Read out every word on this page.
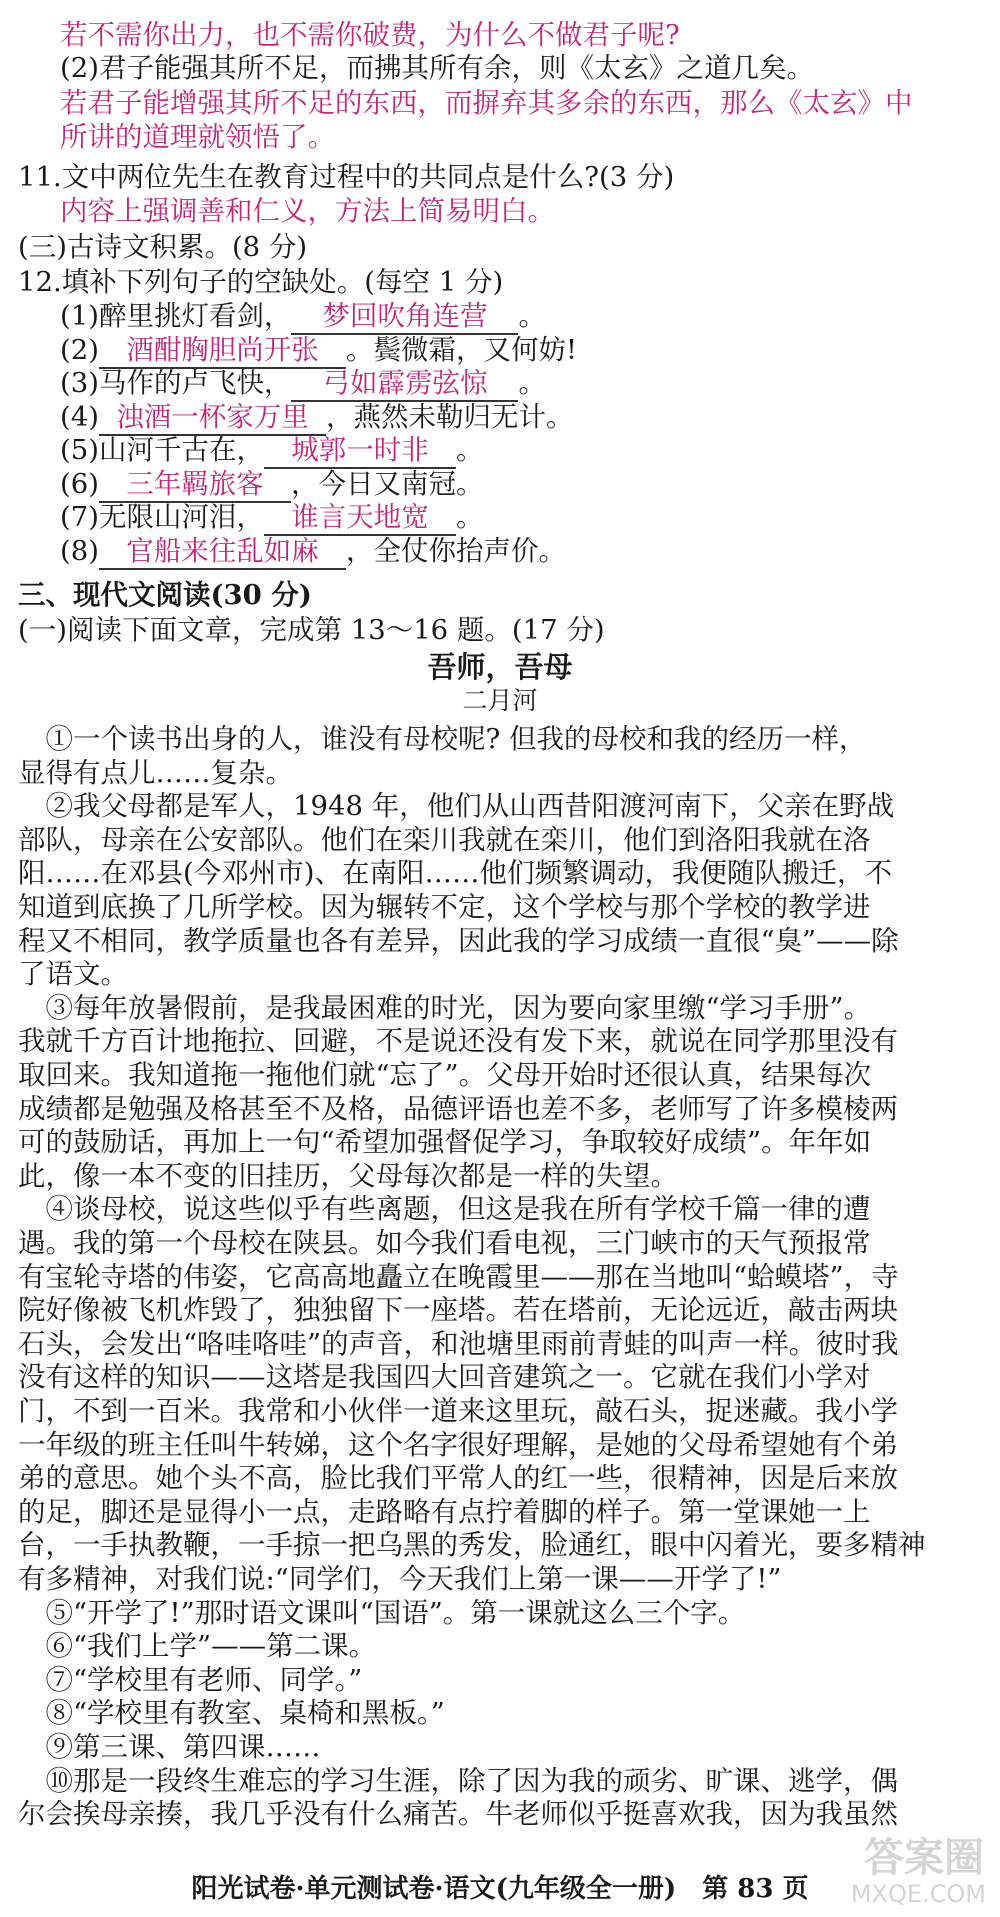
若不需你出力，也不需你破费，为什么不做君子呢?
(2)君子能强其所不足，而拂其所有余，则《太玄》之道几矣。
若君子能增强其所不足的东西，而摒弃其多余的东西，那么《太玄》中
所讲的道理就领悟了。
11.文中两位先生在教育过程中的共同点是什么?(3 分)
内容上强调善和仁义，方法上简易明白。
(三)古诗文积累。(8 分)
12.填补下列句子的空缺处。(每空 1 分)
(1)醉里挑灯看剑， 梦回吹角连营 。
(2) 酒酣胸胆尚开张 。鬓微霜，又何妨!
(3)马作的卢飞快， 弓如霹雳弦惊 。
(4) 浊酒一杯家万里 ，燕然未勒归无计。
(5)山河千古在， 城郭一时非 。
(6) 三年羁旅客 ，今日又南冠。
(7)无限山河泪， 谁言天地宽 。
(8) 官船来往乱如麻 ，全仗你抬声价。
三、现代文阅读(30 分)
(一)阅读下面文章，完成第 13～16 题。(17 分)
吾师，吾母
二月河
　①一个读书出身的人，谁没有母校呢? 但我的母校和我的经历一样，
显得有点儿……复杂。
　②我父母都是军人，1948 年，他们从山西昔阳渡河南下，父亲在野战
部队，母亲在公安部队。他们在栾川我就在栾川，他们到洛阳我就在洛
阳……在邓县(今邓州市)、在南阳……他们频繁调动，我便随队搬迁，不
知道到底换了几所学校。因为辗转不定，这个学校与那个学校的教学进
程又不相同，教学质量也各有差异，因此我的学习成绩一直很“臭”——除
了语文。
　③每年放暑假前，是我最困难的时光，因为要向家里缴“学习手册”。
我就千方百计地拖拉、回避，不是说还没有发下来，就说在同学那里没有
取回来。我知道拖一拖他们就“忘了”。父母开始时还很认真，结果每次
成绩都是勉强及格甚至不及格，品德评语也差不多，老师写了许多模棱两
可的鼓励话，再加上一句“希望加强督促学习，争取较好成绩”。年年如
此，像一本不变的旧挂历，父母每次都是一样的失望。
　④谈母校，说这些似乎有些离题，但这是我在所有学校千篇一律的遭
遇。我的第一个母校在陕县。如今我们看电视，三门峡市的天气预报常
有宝轮寺塔的伟姿，它高高地矗立在晚霞里——那在当地叫“蛤蟆塔”，寺
院好像被飞机炸毁了，独独留下一座塔。若在塔前，无论远近，敲击两块
石头，会发出“咯哇咯哇”的声音，和池塘里雨前青蛙的叫声一样。彼时我
没有这样的知识——这塔是我国四大回音建筑之一。它就在我们小学对
门，不到一百米。我常和小伙伴一道来这里玩，敲石头，捉迷藏。我小学
一年级的班主任叫牛转娣，这个名字很好理解，是她的父母希望她有个弟
弟的意思。她个头不高，脸比我们平常人的红一些，很精神，因是后来放
的足，脚还是显得小一点，走路略有点拧着脚的样子。第一堂课她一上
台，一手执教鞭，一手掠一把乌黑的秀发，脸通红，眼中闪着光，要多精神
有多精神，对我们说:“同学们，今天我们上第一课——开学了!”
　⑤“开学了!”那时语文课叫“国语”。第一课就这么三个字。
　⑥“我们上学”——第二课。
　⑦“学校里有老师、同学。”
　⑧“学校里有教室、桌椅和黑板。”
　⑨第三课、第四课……
　⑩那是一段终生难忘的学习生涯，除了因为我的顽劣、旷课、逃学，偶
尔会挨母亲揍，我几乎没有什么痛苦。牛老师似乎挺喜欢我，因为我虽然
阳光试卷·单元测试卷·语文(九年级全一册)　第 83 页
答案圈
MXQE.COM
